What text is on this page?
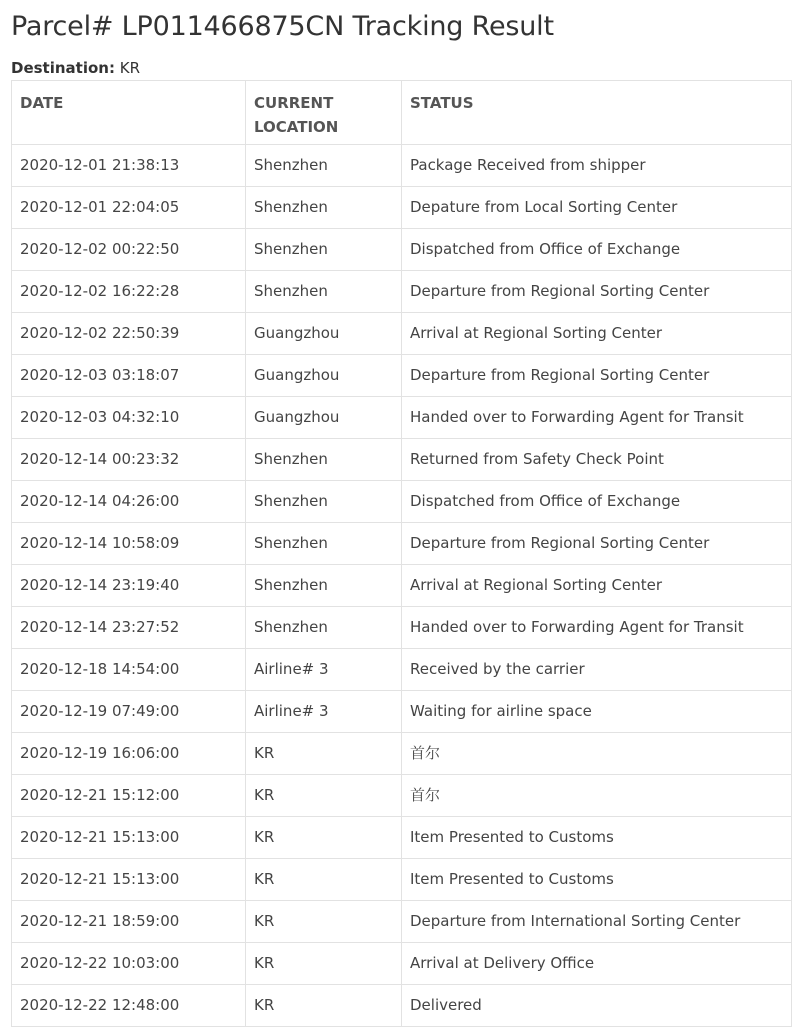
Parcel# LP011466875CN Tracking Result
Destination: KR
DATE	CURRENT LOCATION	STATUS
2020-12-01 21:38:13	Shenzhen	Package Received from shipper
2020-12-01 22:04:05	Shenzhen	Depature from Local Sorting Center
2020-12-02 00:22:50	Shenzhen	Dispatched from Office of Exchange
2020-12-02 16:22:28	Shenzhen	Departure from Regional Sorting Center
2020-12-02 22:50:39	Guangzhou	Arrival at Regional Sorting Center
2020-12-03 03:18:07	Guangzhou	Departure from Regional Sorting Center
2020-12-03 04:32:10	Guangzhou	Handed over to Forwarding Agent for Transit
2020-12-14 00:23:32	Shenzhen	Returned from Safety Check Point
2020-12-14 04:26:00	Shenzhen	Dispatched from Office of Exchange
2020-12-14 10:58:09	Shenzhen	Departure from Regional Sorting Center
2020-12-14 23:19:40	Shenzhen	Arrival at Regional Sorting Center
2020-12-14 23:27:52	Shenzhen	Handed over to Forwarding Agent for Transit
2020-12-18 14:54:00	Airline# 3	Received by the carrier
2020-12-19 07:49:00	Airline# 3	Waiting for airline space
2020-12-19 16:06:00	KR	首尔
2020-12-21 15:12:00	KR	首尔
2020-12-21 15:13:00	KR	Item Presented to Customs
2020-12-21 15:13:00	KR	Item Presented to Customs
2020-12-21 18:59:00	KR	Departure from International Sorting Center
2020-12-22 10:03:00	KR	Arrival at Delivery Office
2020-12-22 12:48:00	KR	Delivered
